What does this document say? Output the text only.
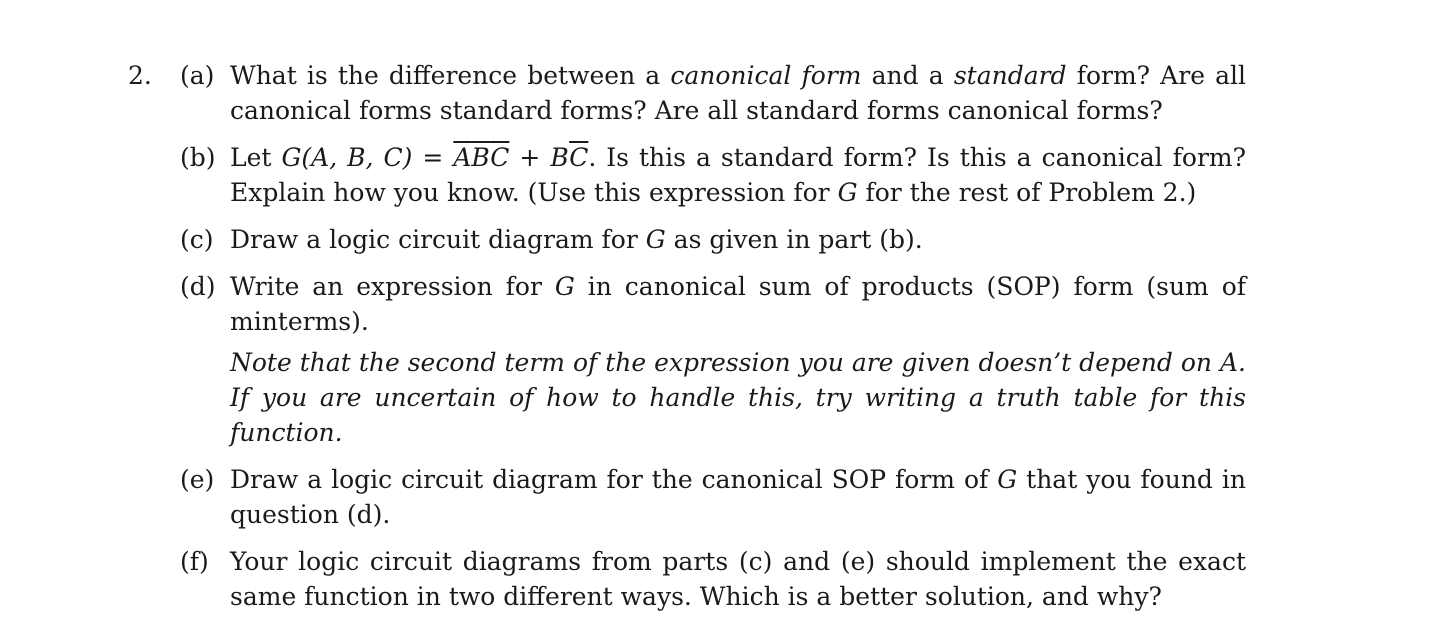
2.	(a) What is the difference between a canonical form and a standard form? Are all canonical forms standard forms? Are all standard forms canonical forms?

(b) Let G(A, B, $C) = \overline{A}\overline{B}\overline{C} + B\overline{C}$. Is this a standard form? Is this a canonical form? Explain how you know. (Use this expression for G for the rest of Problem 2.)

(c) Draw a logic circuit diagram for G as given in part (b).

(d) Write an expression for G in canonical sum of products (SOP) form (sum of minterms).

Note that the second term of the expression you are given doesn’t depend on A. If you are uncertain of how to handle this, try writing a truth table for this function.

(e) Draw a logic circuit diagram for the canonical SOP form of G that you found in question (d).

(f) Your logic circuit diagrams from parts (c) and (e) should implement the exact same function in two different ways. Which is a better solution, and why?
